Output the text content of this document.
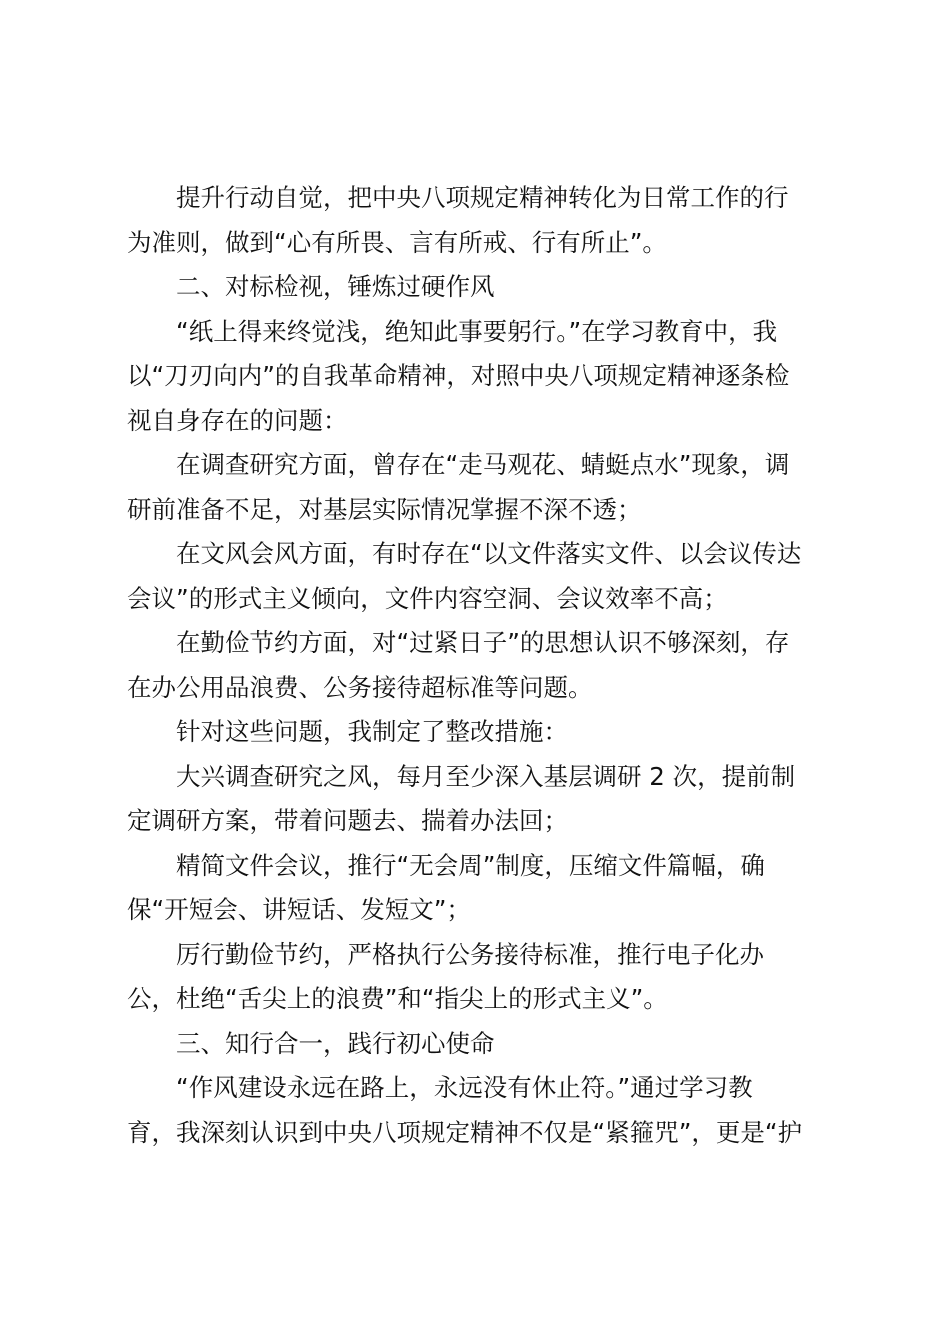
提升行动自觉，把中央八项规定精神转化为日常工作的行
为准则，做到“心有所畏、言有所戒、行有所止”。
二、对标检视，锤炼过硬作风
“纸上得来终觉浅，绝知此事要躬行。”在学习教育中，我
以“刀刃向内”的自我革命精神，对照中央八项规定精神逐条检
视自身存在的问题：
在调查研究方面，曾存在“走马观花、蜻蜓点水”现象，调
研前准备不足，对基层实际情况掌握不深不透；
在文风会风方面，有时存在“以文件落实文件、以会议传达
会议”的形式主义倾向，文件内容空洞、会议效率不高；
在勤俭节约方面，对“过紧日子”的思想认识不够深刻，存
在办公用品浪费、公务接待超标准等问题。
针对这些问题，我制定了整改措施：
大兴调查研究之风，每月至少深入基层调研 2 次，提前制
定调研方案，带着问题去、揣着办法回；
精简文件会议，推行“无会周”制度，压缩文件篇幅，确
保“开短会、讲短话、发短文”；
厉行勤俭节约，严格执行公务接待标准，推行电子化办
公，杜绝“舌尖上的浪费”和“指尖上的形式主义”。
三、知行合一，践行初心使命
“作风建设永远在路上，永远没有休止符。”通过学习教
育，我深刻认识到中央八项规定精神不仅是“紧箍咒”，更是“护
